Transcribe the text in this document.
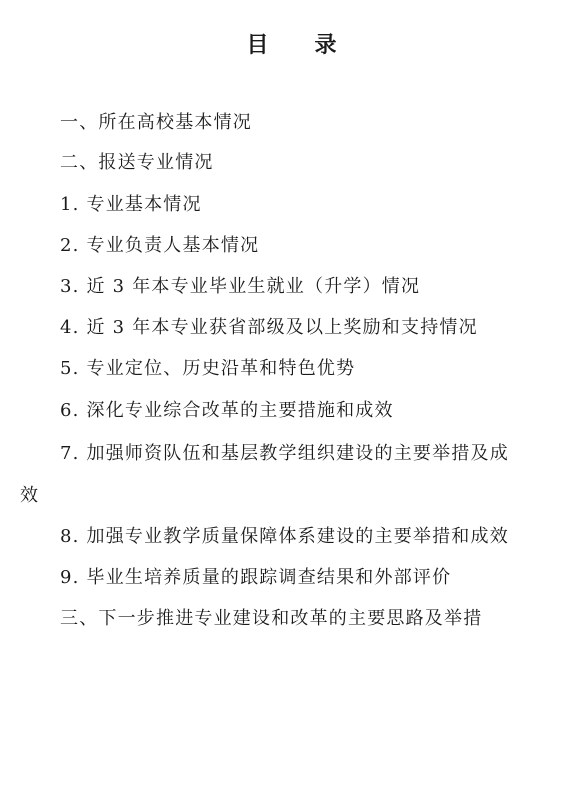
目 录
一、所在高校基本情况
二、报送专业情况
1. 专业基本情况
2. 专业负责人基本情况
3. 近 3 年本专业毕业生就业（升学）情况
4. 近 3 年本专业获省部级及以上奖励和支持情况
5. 专业定位、历史沿革和特色优势
6. 深化专业综合改革的主要措施和成效
7. 加强师资队伍和基层教学组织建设的主要举措及成
效
8. 加强专业教学质量保障体系建设的主要举措和成效
9. 毕业生培养质量的跟踪调查结果和外部评价
三、下一步推进专业建设和改革的主要思路及举措
